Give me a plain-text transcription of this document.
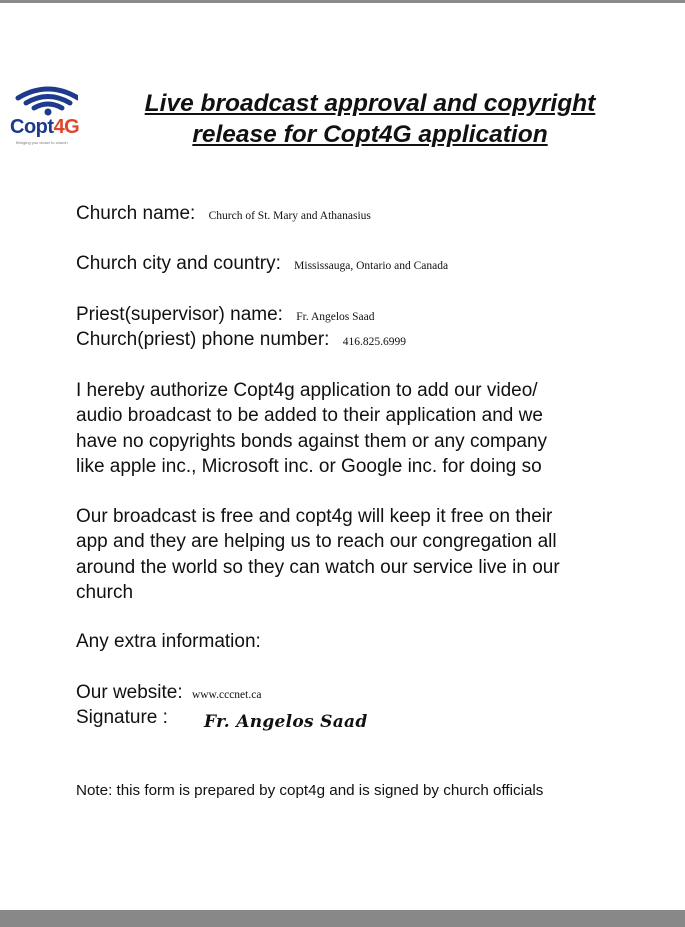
Copt4G
Bringing you closer to church
Live broadcast approval and copyright
release for Copt4G application
Church name: Church of St. Mary and Athanasius
Church city and country: Mississauga, Ontario and Canada
Priest(supervisor) name: Fr. Angelos Saad
Church(priest) phone number: 416.825.6999
I hereby authorize Copt4g application to add our video/
audio broadcast to be added to their application and we
have no copyrights bonds against them or any company
like apple inc., Microsoft inc. or Google inc. for doing so
Our broadcast is free and copt4g will keep it free on their
app and they are helping us to reach our congregation all
around the world so they can watch our service live in our
church
Any extra information:
Our website: www.cccnet.ca
Signature : Fr. Angelos Saad
Note: this form is prepared by copt4g and is signed by church officials
